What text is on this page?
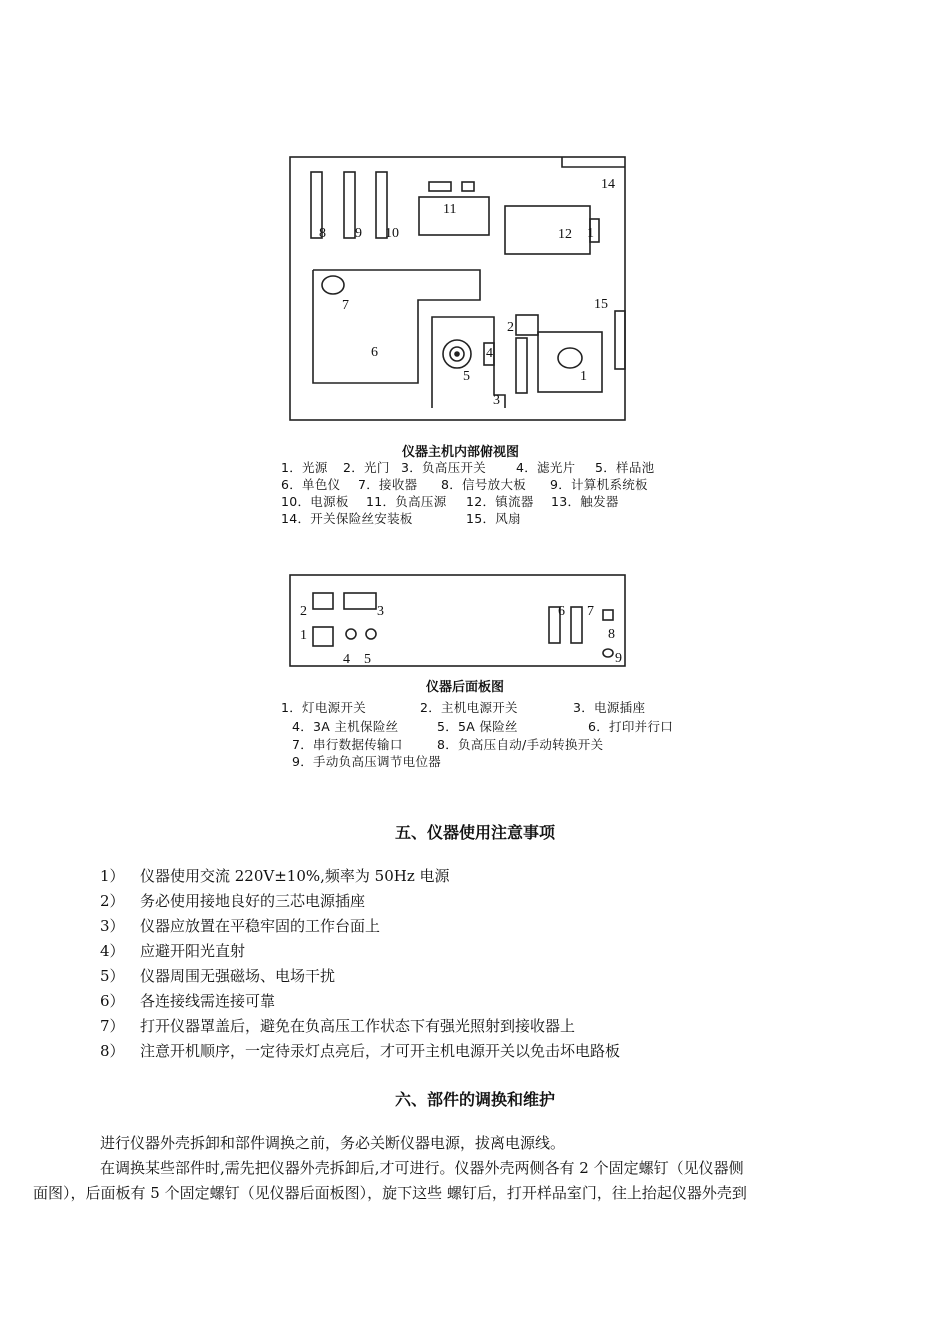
8 9 10
11
12 1
14
7
6
15
2
4
5	1
3
仪器主机内部俯视图
1．光源 2．光门 3．负高压开关 4．滤光片 5．样品池
6．单色仪 7．接收器 8．信号放大板 9．计算机系统板
10．电源板 11．负高压源 12．镇流器 13．触发器
14．开关保险丝安装板	15．风扇
2	3
1
4 5
6 7
8
9
仪器后面板图
1．灯电源开关	2．主机电源开关	3．电源插座
4．3A 主机保险丝	5．5A 保险丝	6．打印并行口
7．串行数据传输口	8．负高压自动/手动转换开关
9．手动负高压调节电位器
五、仪器使用注意事项
1） 仪器使用交流 220V±10%,频率为 50Hz 电源
2） 务必使用接地良好的三芯电源插座
3） 仪器应放置在平稳牢固的工作台面上
4） 应避开阳光直射
5） 仪器周围无强磁场、电场干扰
6） 各连接线需连接可靠
7） 打开仪器罩盖后，避免在负高压工作状态下有强光照射到接收器上
8） 注意开机顺序，一定待汞灯点亮后，才可开主机电源开关以免击坏电路板
六、部件的调换和维护
进行仪器外壳拆卸和部件调换之前，务必关断仪器电源，拔离电源线。
在调换某些部件时,需先把仪器外壳拆卸后,才可进行。仪器外壳两侧各有 2 个固定螺钉（见仪器侧
面图），后面板有 5 个固定螺钉（见仪器后面板图），旋下这些 螺钉后，打开样品室门，往上抬起仪器外壳到
